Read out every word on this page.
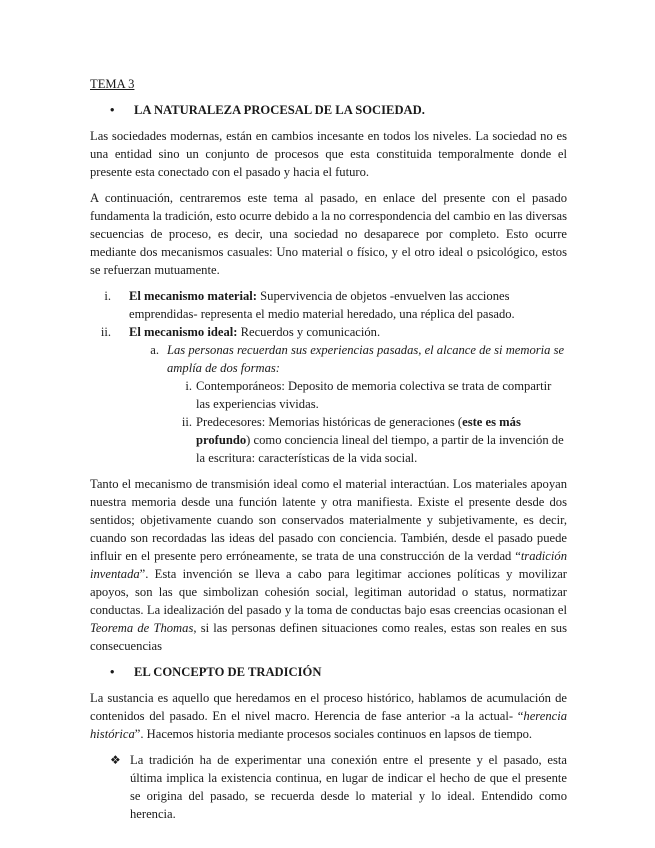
TEMA 3

•	LA NATURALEZA PROCESAL DE LA SOCIEDAD.

Las sociedades modernas, están en cambios incesante en todos los niveles. La sociedad no es una entidad sino un conjunto de procesos que esta constituida temporalmente donde el presente esta conectado con el pasado y hacia el futuro.

A continuación, centraremos este tema al pasado, en enlace del presente con el pasado fundamenta la tradición, esto ocurre debido a la no correspondencia del cambio en las diversas secuencias de proceso, es decir, una sociedad no desaparece por completo. Esto ocurre mediante dos mecanismos casuales: Uno material o físico, y el otro ideal o psicológico, estos se refuerzan mutuamente.

i.	El mecanismo material: Supervivencia de objetos -envuelven las acciones emprendidas- representa el medio material heredado, una réplica del pasado.
ii.	El mecanismo ideal: Recuerdos y comunicación.
a. Las personas recuerdan sus experiencias pasadas, el alcance de si memoria se amplía de dos formas:
i. Contemporáneos: Deposito de memoria colectiva se trata de compartir las experiencias vividas.
ii. Predecesores: Memorias históricas de generaciones (este es más profundo) como conciencia lineal del tiempo, a partir de la invención de la escritura: características de la vida social.

Tanto el mecanismo de transmisión ideal como el material interactúan. Los materiales apoyan nuestra memoria desde una función latente y otra manifiesta. Existe el presente desde dos sentidos; objetivamente cuando son conservados materialmente y subjetivamente, es decir, cuando son recordadas las ideas del pasado con conciencia. También, desde el pasado puede influir en el presente pero erróneamente, se trata de una construcción de la verdad “tradición inventada”. Esta invención se lleva a cabo para legitimar acciones políticas y movilizar apoyos, son las que simbolizan cohesión social, legitiman autoridad o status, normatizar conductas. La idealización del pasado y la toma de conductas bajo esas creencias ocasionan el Teorema de Thomas, si las personas definen situaciones como reales, estas son reales en sus consecuencias

•	EL CONCEPTO DE TRADICIÓN

La sustancia es aquello que heredamos en el proceso histórico, hablamos de acumulación de contenidos del pasado. En el nivel macro. Herencia de fase anterior -a la actual- “herencia histórica”. Hacemos historia mediante procesos sociales continuos en lapsos de tiempo.

❖ La tradición ha de experimentar una conexión entre el presente y el pasado, esta última implica la existencia continua, en lugar de indicar el hecho de que el presente se origina del pasado, se recuerda desde lo material y lo ideal. Entendido como herencia.
